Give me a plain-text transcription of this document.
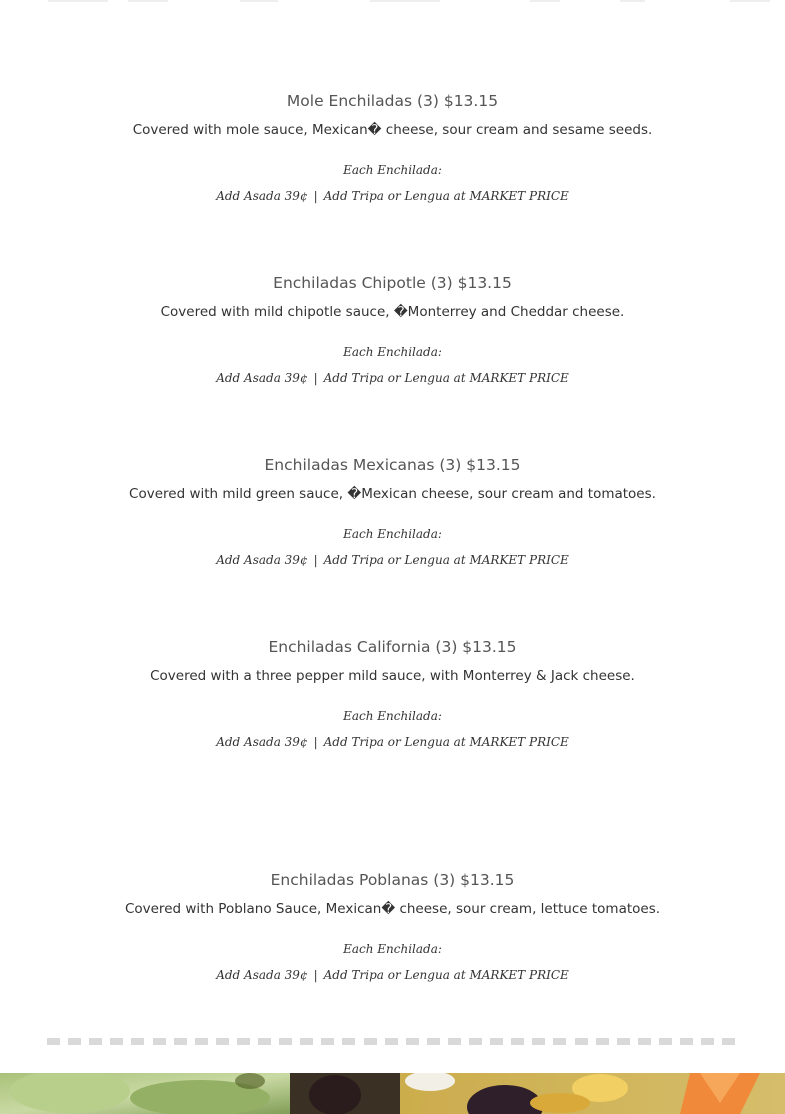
Mole Enchiladas (3) $13.15
Covered with mole sauce, Mexican� cheese, sour cream and sesame seeds.
Each Enchilada:
Add Asada 39¢ | Add Tripa or Lengua at MARKET PRICE
Enchiladas Chipotle (3) $13.15
Covered with mild chipotle sauce, �Monterrey and Cheddar cheese.
Each Enchilada:
Add Asada 39¢ | Add Tripa or Lengua at MARKET PRICE
Enchiladas Mexicanas (3) $13.15
Covered with mild green sauce, �Mexican cheese, sour cream and tomatoes.
Each Enchilada:
Add Asada 39¢ | Add Tripa or Lengua at MARKET PRICE
Enchiladas California (3) $13.15
Covered with a three pepper mild sauce, with Monterrey & Jack cheese.
Each Enchilada:
Add Asada 39¢ | Add Tripa or Lengua at MARKET PRICE
Enchiladas Poblanas (3) $13.15
Covered with Poblano Sauce, Mexican� cheese, sour cream, lettuce tomatoes.
Each Enchilada:
Add Asada 39¢ | Add Tripa or Lengua at MARKET PRICE
